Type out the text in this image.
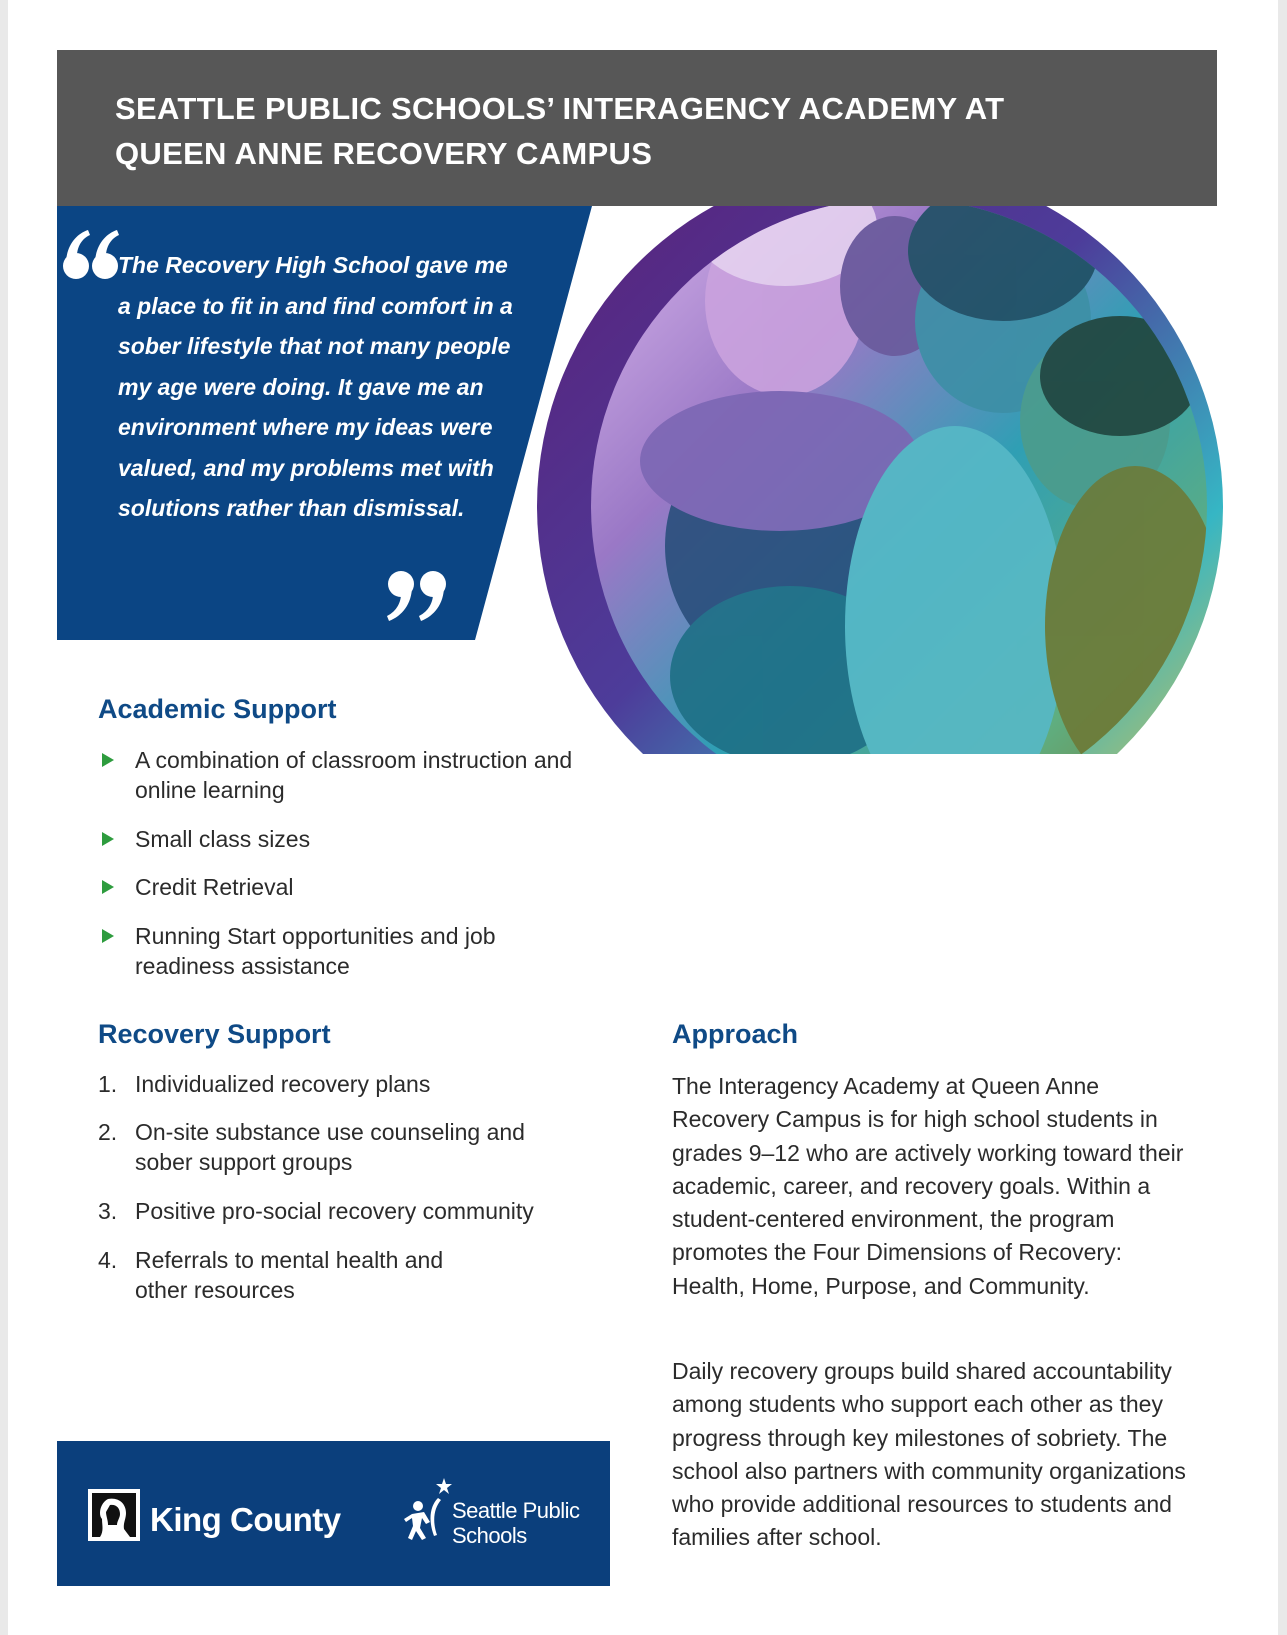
SEATTLE PUBLIC SCHOOLS’ INTERAGENCY ACADEMY AT
QUEEN ANNE RECOVERY CAMPUS

The Recovery High School gave me a place to fit in and find comfort in a sober lifestyle that not many people my age were doing. It gave me an environment where my ideas were valued, and my problems met with solutions rather than dismissal.

Academic Support
A combination of classroom instruction and online learning
Small class sizes
Credit Retrieval
Running Start opportunities and job readiness assistance
Recovery Support
1. Individualized recovery plans
2. On-site substance use counseling and sober support groups
3. Positive pro-social recovery community
4. Referrals to mental health and other resources
Approach

The Interagency Academy at Queen Anne Recovery Campus is for high school students in grades 9–12 who are actively working toward their academic, career, and recovery goals. Within a student-centered environment, the program promotes the Four Dimensions of Recovery: Health, Home, Purpose, and Community.

Daily recovery groups build shared accountability among students who support each other as they progress through key milestones of sobriety. The school also partners with community organizations who provide additional resources to students and families after school.

King County	Seattle Public
Schools
